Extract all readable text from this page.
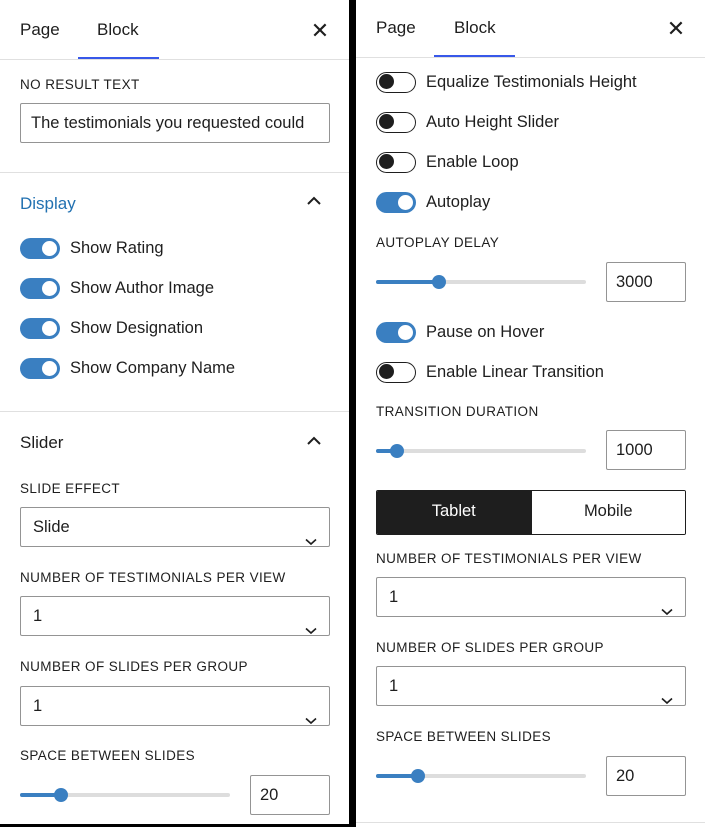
Page Block	✕
NO RESULT TEXT
The testimonials you requested could
Display
Show Rating
Show Author Image
Show Designation
Show Company Name
Slider
SLIDE EFFECT
Slide
NUMBER OF TESTIMONIALS PER VIEW
1
NUMBER OF SLIDES PER GROUP
1
SPACE BETWEEN SLIDES
20
Page Block	✕
Equalize Testimonials Height
Auto Height Slider
Enable Loop
Autoplay
AUTOPLAY DELAY
3000
Pause on Hover
Enable Linear Transition
TRANSITION DURATION
1000
Tablet	Mobile
NUMBER OF TESTIMONIALS PER VIEW
1
NUMBER OF SLIDES PER GROUP
1
SPACE BETWEEN SLIDES
20
